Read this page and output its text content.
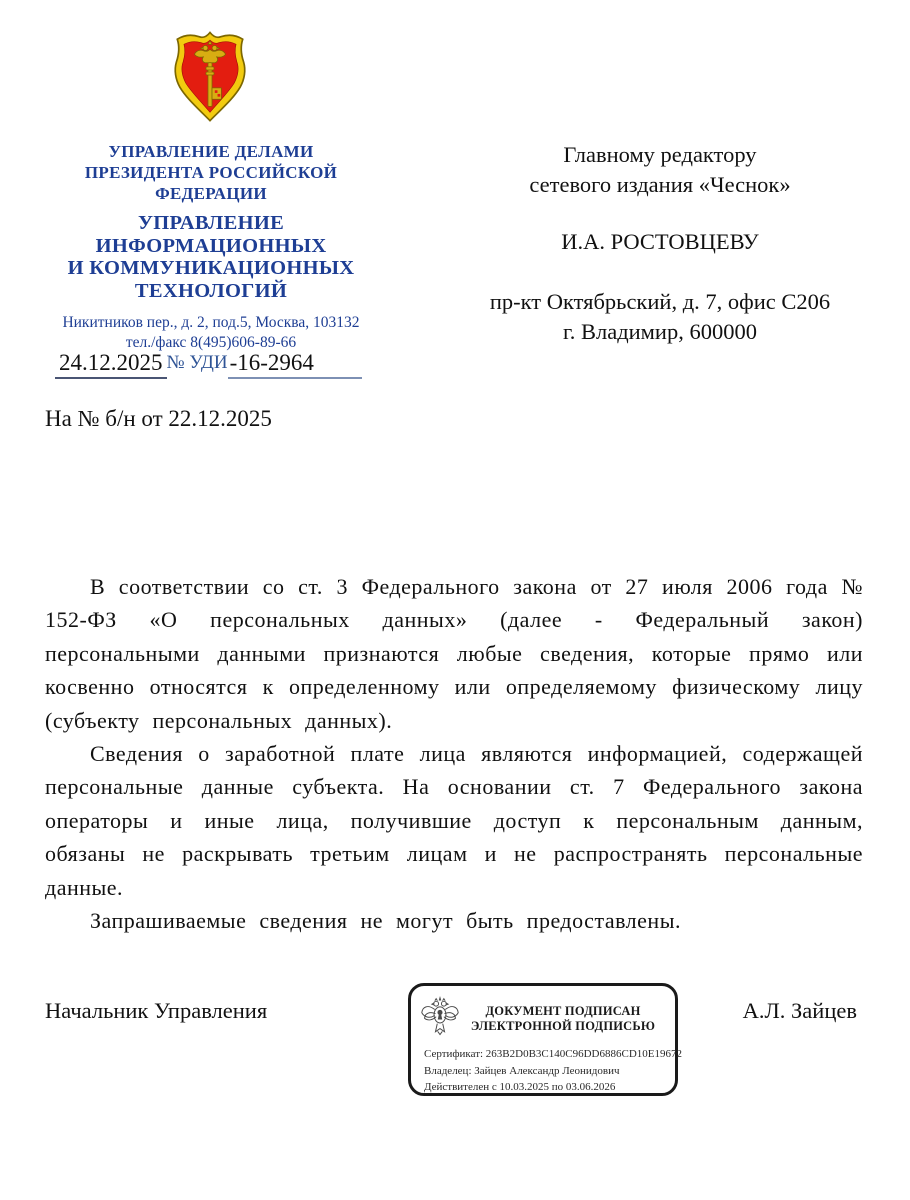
УПРАВЛЕНИЕ ДЕЛАМИ
ПРЕЗИДЕНТА РОССИЙСКОЙ ФЕДЕРАЦИИ
УПРАВЛЕНИЕ
ИНФОРМАЦИОННЫХ
И КОММУНИКАЦИОННЫХ
ТЕХНОЛОГИЙ
Никитников пер., д. 2, под.5, Москва, 103132
тел./факс 8(495)606-89-66
24.12.2025 № УДИ-16-2964
На № б/н от 22.12.2025
Главному редактору
сетевого издания «Чеснок»
И.А. РОСТОВЦЕВУ
пр-кт Октябрьский, д. 7, офис С206
г. Владимир, 600000

В соответствии со ст. 3 Федерального закона от 27 июля 2006 года № 152-ФЗ «О персональных данных» (далее - Федеральный закон) персональными данными признаются любые сведения, которые прямо или косвенно относятся к определенному или определяемому физическому лицу (субъекту персональных данных).

Сведения о заработной плате лица являются информацией, содержащей персональные данные субъекта. На основании ст. 7 Федерального закона операторы и иные лица, получившие доступ к персональным данным, обязаны не раскрывать третьим лицам и не распространять персональные данные.

Запрашиваемые сведения не могут быть предоставлены.

Начальник Управления	ДОКУМЕНТ ПОДПИСАН
ЭЛЕКТРОННОЙ ПОДПИСЬЮ
Сертификат: 263B2D0B3C140C96DD6886CD10E19672
Владелец: Зайцев Александр Леонидович
Действителен с 10.03.2025 по 03.06.2026
А.Л. Зайцев
